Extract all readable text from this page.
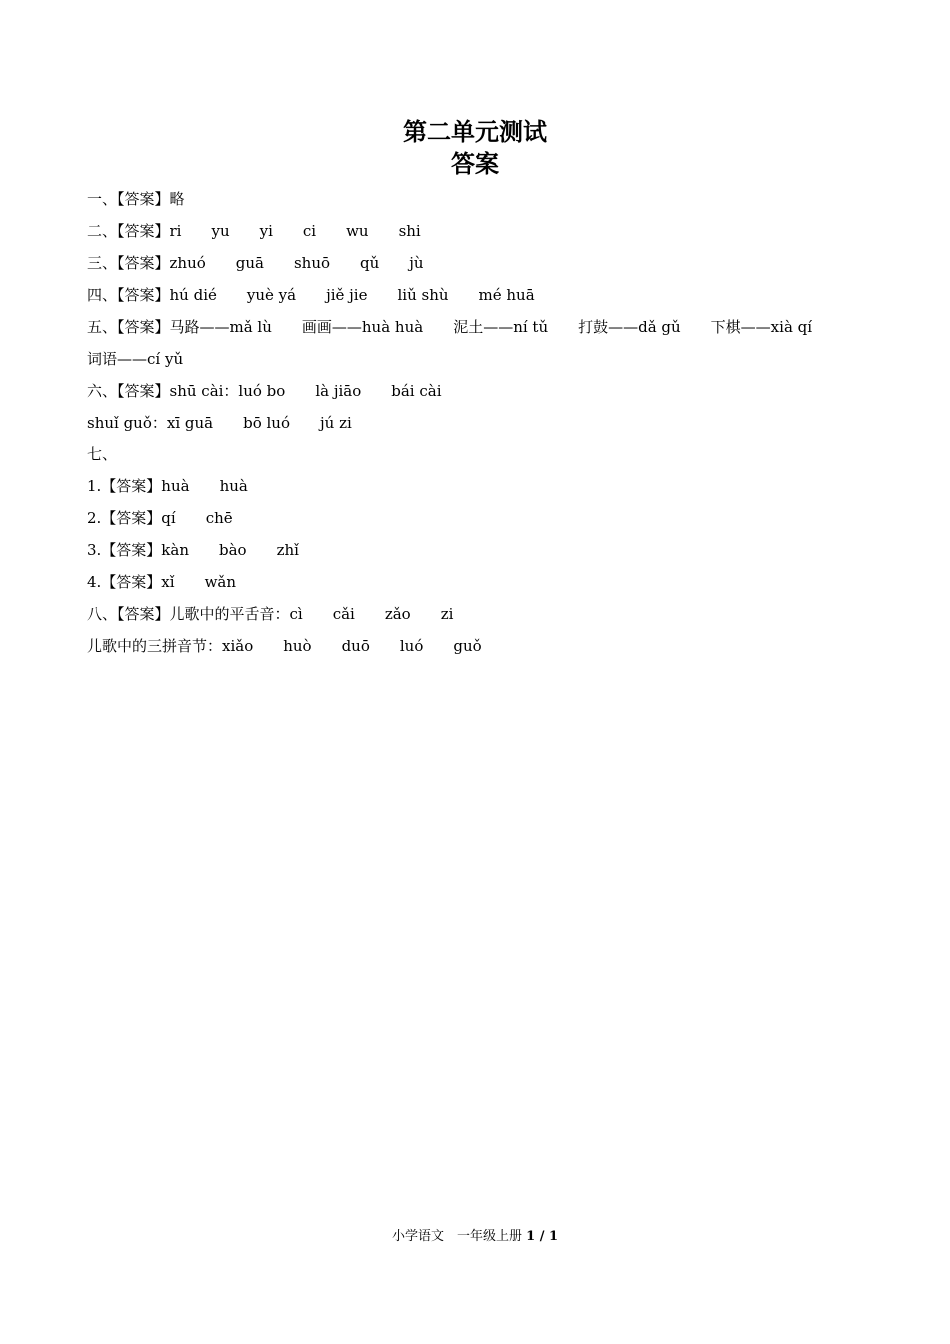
第二单元测试
答案
一、【答案】略
二、【答案】ri　　yu　　yi　　ci　　wu　　shi
三、【答案】zhuó　　guā　　shuō　　qǔ　　jù
四、【答案】hú dié　　yuè yá　　jiě jie　　liǔ shù　　mé huā
五、【答案】马路——mǎ lù　　画画——huà huà　　泥土——ní tǔ　　打鼓——dǎ gǔ　　下棋——xià qí
词语——cí yǔ
六、【答案】shū cài：luó bo　　là jiāo　　bái cài
shuǐ guǒ：xī guā　　bō luó　　jú zi
七、
1.【答案】huà　　huà
2.【答案】qí　　chē
3.【答案】kàn　　bào　　zhǐ
4.【答案】xǐ　　wǎn
八、【答案】儿歌中的平舌音：cì　　cǎi　　zǎo　　zi
儿歌中的三拼音节：xiǎo　　huò　　duō　　luó　　guǒ
小学语文　一年级上册 1 / 1
